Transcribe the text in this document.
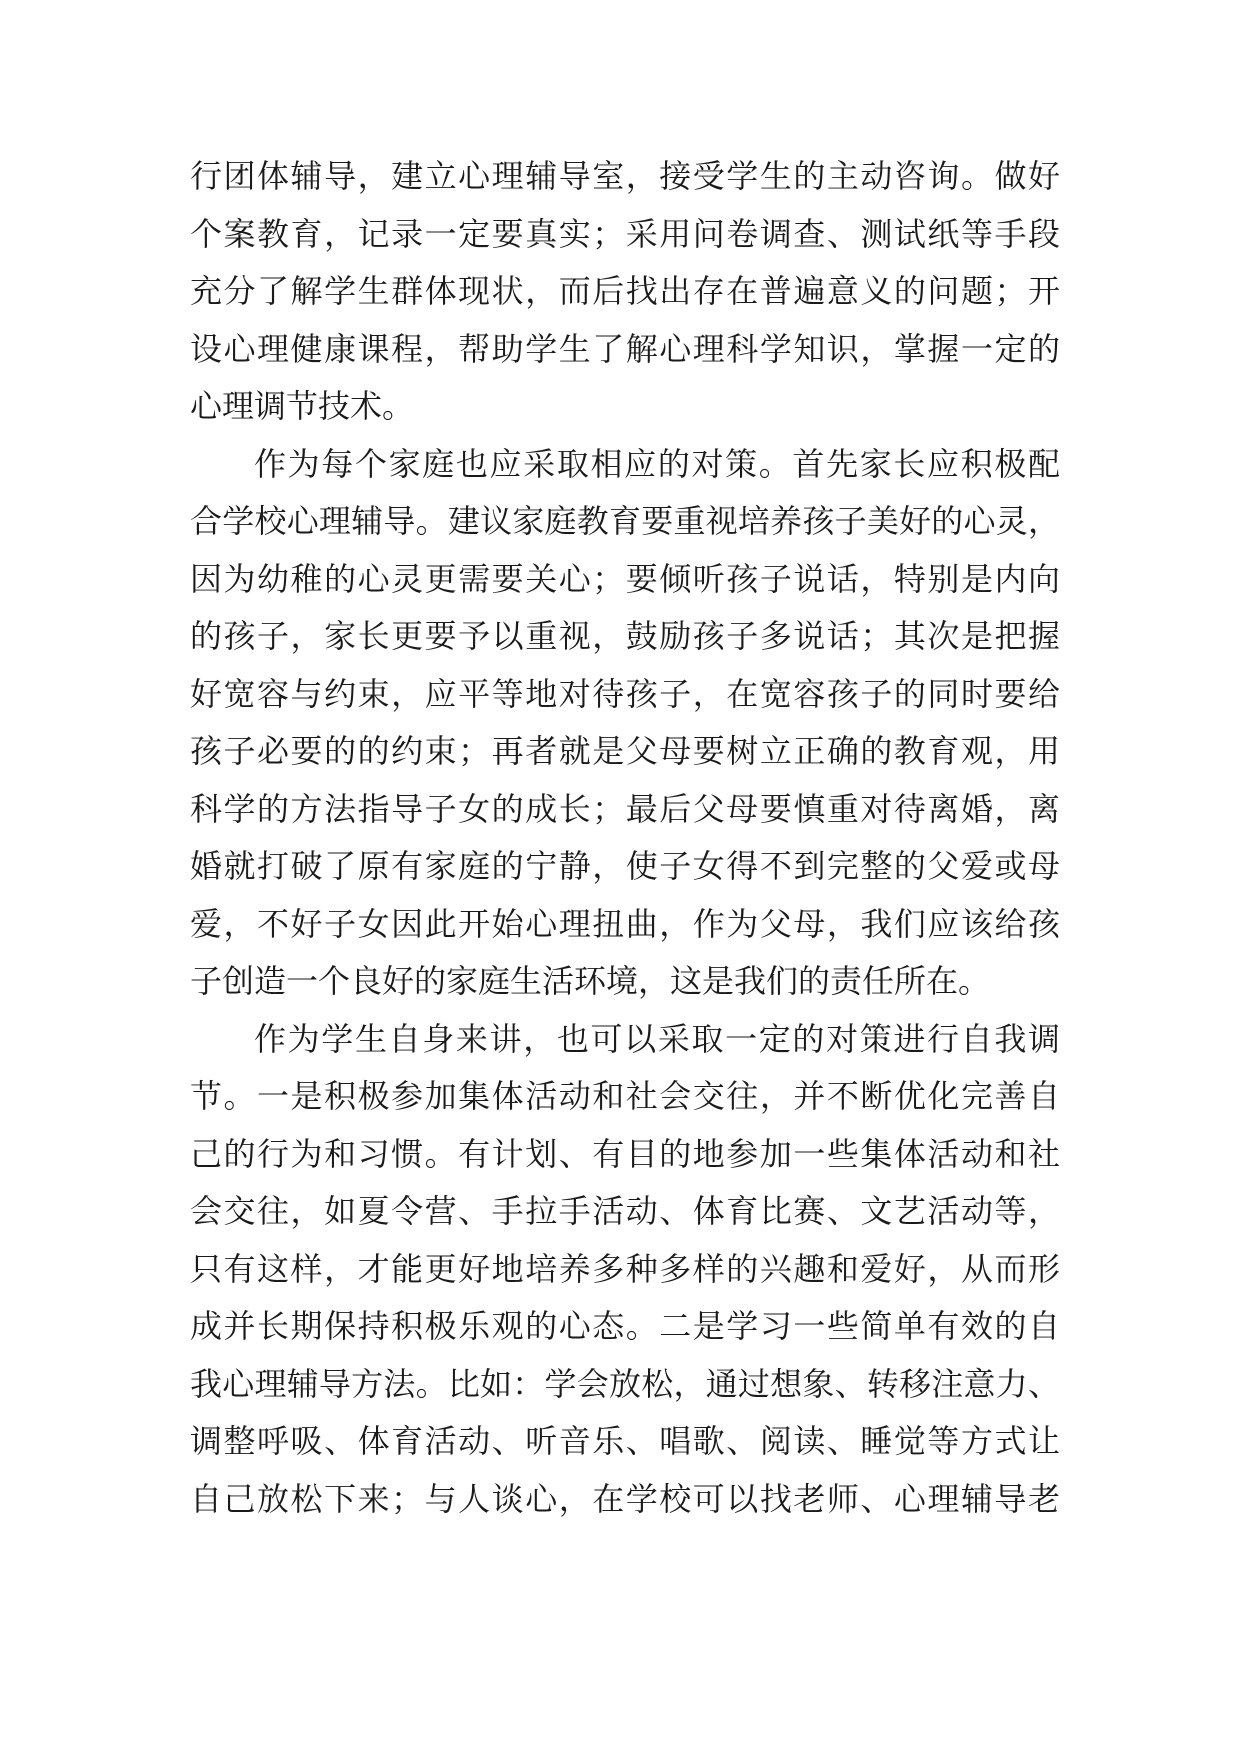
行团体辅导，建立心理辅导室，接受学生的主动咨询。做好
个案教育，记录一定要真实；采用问卷调查、测试纸等手段
充分了解学生群体现状，而后找出存在普遍意义的问题；开
设心理健康课程，帮助学生了解心理科学知识，掌握一定的
心理调节技术。
作为每个家庭也应采取相应的对策。首先家长应积极配
合学校心理辅导。建议家庭教育要重视培养孩子美好的心灵，
因为幼稚的心灵更需要关心；要倾听孩子说话，特别是内向
的孩子，家长更要予以重视，鼓励孩子多说话；其次是把握
好宽容与约束，应平等地对待孩子，在宽容孩子的同时要给
孩子必要的的约束；再者就是父母要树立正确的教育观，用
科学的方法指导子女的成长；最后父母要慎重对待离婚，离
婚就打破了原有家庭的宁静，使子女得不到完整的父爱或母
爱，不好子女因此开始心理扭曲，作为父母，我们应该给孩
子创造一个良好的家庭生活环境，这是我们的责任所在。
作为学生自身来讲，也可以采取一定的对策进行自我调
节。一是积极参加集体活动和社会交往，并不断优化完善自
己的行为和习惯。有计划、有目的地参加一些集体活动和社
会交往，如夏令营、手拉手活动、体育比赛、文艺活动等，
只有这样，才能更好地培养多种多样的兴趣和爱好，从而形
成并长期保持积极乐观的心态。二是学习一些简单有效的自
我心理辅导方法。比如：学会放松，通过想象、转移注意力、
调整呼吸、体育活动、听音乐、唱歌、阅读、睡觉等方式让
自己放松下来；与人谈心，在学校可以找老师、心理辅导老
